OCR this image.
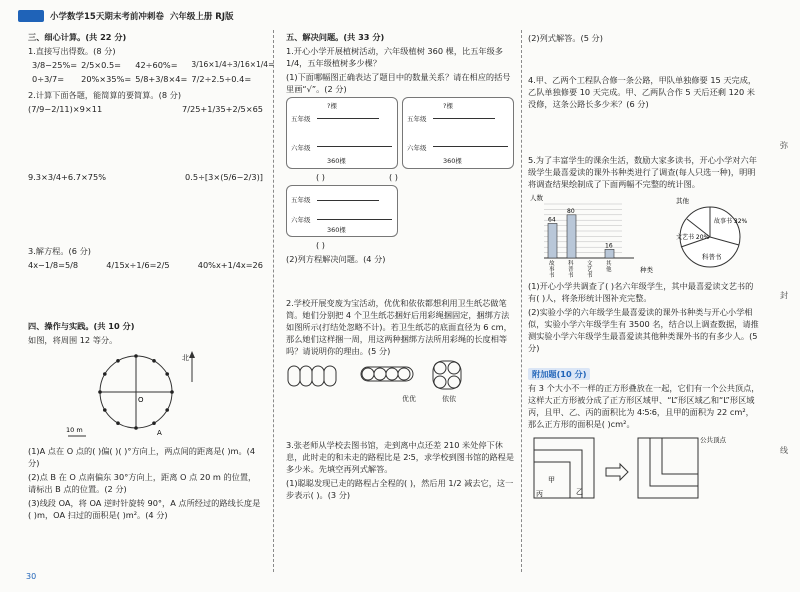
小学数学15天期末考前冲刺卷 六年级上册 RJ版
三、细心计算。(共 22 分)
1.直接写出得数。(8 分)
3/8−25%= 2/5×0.5=	42÷60%=	3/16×1/4÷3/16×1/4=
0÷3/7=	20%×35%= 5/8+3/8×4= 7/2÷2.5÷0.4=
2.计算下面各题，能简算的要简算。(8 分)
(7/9−2/11)×9×11	7/25+1/35+2/5×65
9.3×3/4+6.7×75%	0.5÷[3×(5/6−2/3)]
3.解方程。(6 分)
4x−1/8=5/8	4/15x÷1/6=2/5	40%x+1/4x=26
四、操作与实践。(共 10 分)
如图，将周围 12 等分。
北
O
A
10 m
(1)A 点在 O 点的( )偏( )( )°方向上，两点间的距离是( )m。(4 分)
(2)点 B 在 O 点南偏东 30°方向上，距离 O 点 20 m 的位置，请标出 B 点的位置。(2 分)
(3)线段 OA，将 OA 逆时针旋转 90°，A 点所经过的路线长度是( )m，OA 扫过的面积是( )m²。(4 分)
五、解决问题。(共 33 分)
1.开心小学开展植树活动，六年级植树 360 棵，比五年级多 1/4，五年级植树多少棵？
(1)下面哪幅图正确表达了题目中的数量关系？请在相应的括号里画“√”。(2 分)
五年级
六年级
?棵
360棵
五年级
六年级
?棵
360棵
( )	( )
五年级
六年级
360棵
( )
(2)列方程解决问题。(4 分)
2.学校开展变废为宝活动，优优和依依都想利用卫生纸芯做笔筒。她们分别把 4 个卫生纸芯捆好后用彩绳捆固定，捆绑方法如图所示(打结处忽略不计)。若卫生纸芯的底面直径为 6 cm，那么她们这样捆一周，用这两种捆绑方法所用彩绳的长度相等吗？请说明你的理由。(5 分)
优优	依依
3.张老师从学校去图书馆，走到离中点还差 210 米处停下休息，此时走的和未走的路程比是 2∶5，求学校到图书馆的路程是多少米。先填空再列式解答。
(1)聪聪发现已走的路程占全程的( )，然后用 1/2 减去它，这一步表示( )。(3 分)
(2)列式解答。(5 分)
4.甲、乙两个工程队合修一条公路，甲队单独修要 15 天完成，乙队单独修要 10 天完成。甲、乙两队合作 5 天后还剩 120 米没修，这条公路长多少米？(6 分)
5.为了丰富学生的课余生活，数励大家多读书，开心小学对六年级学生最喜爱读的课外书种类进行了调查(每人只选一种)，明明将调查结果绘制成了下面两幅不完整的统计图。
人数
种类
64
故
事
书
80
科
普
书
文
艺
书
16
其
他
其他
故事书 32%
文艺书 20%
科普书
(1)开心小学共调查了( )名六年级学生，其中最喜爱读文艺书的有( )人，将条形统计图补充完整。
(2)实验小学的六年级学生最喜爱读的课外书种类与开心小学相似，实验小学六年级学生有 3500 名，结合以上调查数据，请推测实验小学六年级学生最喜爱读其他种类课外书的有多少人。(5 分)
附加题(10 分)
有 3 个大小不一样的正方形叠放在一起，它们有一个公共顶点，这样大正方形被分成了正方形区域甲、“L”形区域乙和“L”形区域丙，且甲、乙、丙的面积比为 4∶5∶6，且甲的面积为 22 cm²，那么正方形的面积是( )cm²。
甲
乙
丙
公共顶点
弥
封
线
30
